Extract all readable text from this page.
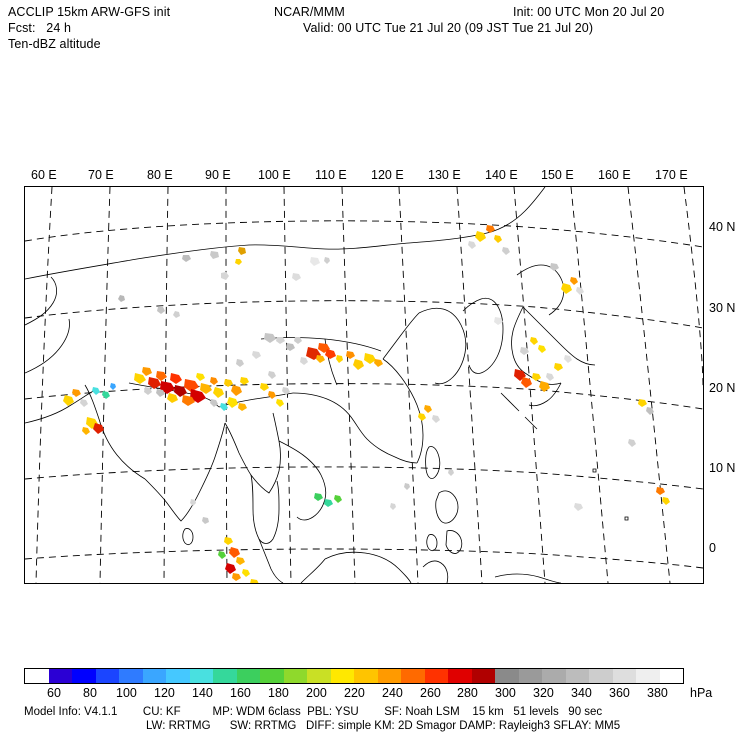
ACCLIP 15km ARW-GFS init
Fcst:   24 h
Ten-dBZ altitude
NCAR/MMM	Init: 00 UTC Mon 20 Jul 20
Valid: 00 UTC Tue 21 Jul 20 (09 JST Tue 21 Jul 20)
60 E	70 E	80 E	90 E 100 E 110 E 120 E 130 E 140 E 150 E 160 E 170 E
40 N
30 N
20 N
10 N
0
60 80 100 120 140 160 180 200 220 240 260 280 300 320 340 360 380 hPa
Model Info: V4.1.1        CU: KF          MP: WDM 6class  PBL: YSU        SF: Noah LSM    15 km   51 levels   90 sec
LW: RRTMG      SW: RRTMG   DIFF: simple KM: 2D Smagor DAMP: Rayleigh3 SFLAY: MM5
